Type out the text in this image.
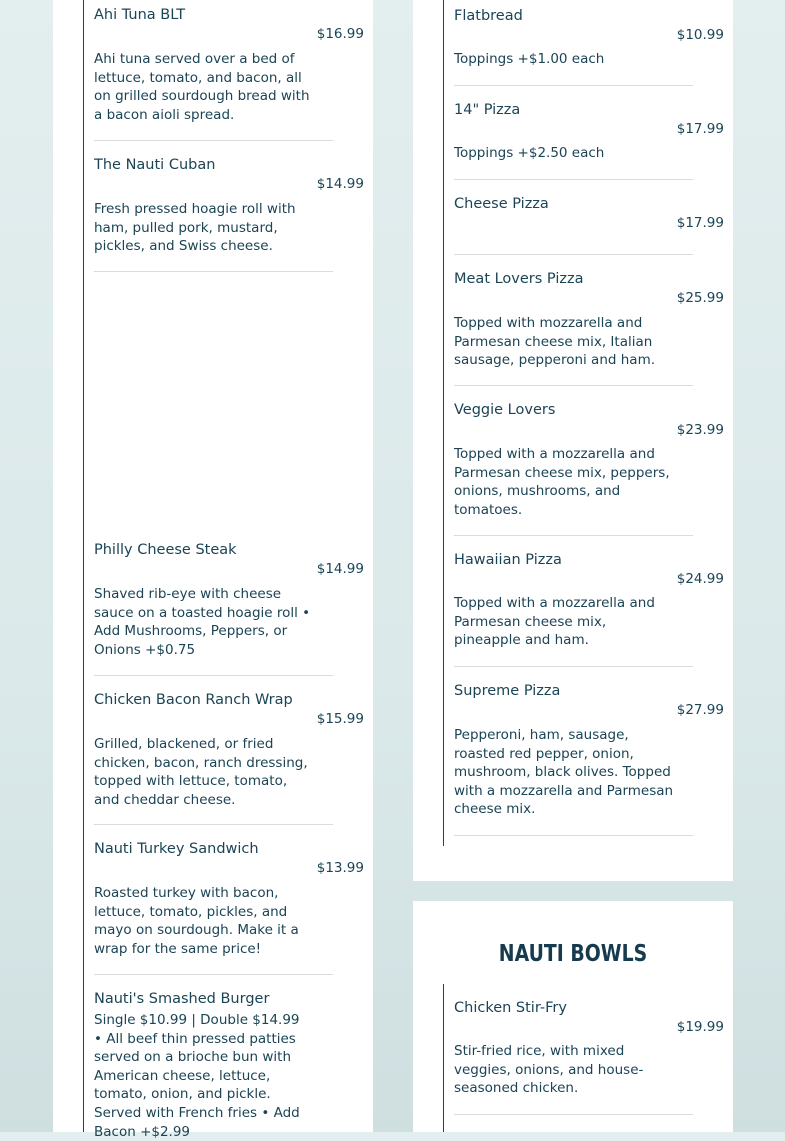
Ahi Tuna BLT
$16.99
Ahi tuna served over a bed of lettuce, tomato, and bacon, all on grilled sourdough bread with a bacon aioli spread.
The Nauti Cuban
$14.99
Fresh pressed hoagie roll with ham, pulled pork, mustard, pickles, and Swiss cheese.
Philly Cheese Steak
$14.99
Shaved rib-eye with cheese sauce on a toasted hoagie roll • Add Mushrooms, Peppers, or Onions +$0.75
Chicken Bacon Ranch Wrap
$15.99
Grilled, blackened, or fried chicken, bacon, ranch dressing, topped with lettuce, tomato, and cheddar cheese.
Nauti Turkey Sandwich
$13.99
Roasted turkey with bacon, lettuce, tomato, pickles, and mayo on sourdough. Make it a wrap for the same price!
Nauti's Smashed Burger
Single $10.99 | Double $14.99 • All beef thin pressed patties served on a brioche bun with American cheese, lettuce, tomato, onion, and pickle. Served with French fries • Add Bacon +$2.99
Flatbread
$10.99
Toppings +$1.00 each
14" Pizza
$17.99
Toppings +$2.50 each
Cheese Pizza
$17.99
Meat Lovers Pizza
$25.99
Topped with mozzarella and Parmesan cheese mix, Italian sausage, pepperoni and ham.
Veggie Lovers
$23.99
Topped with a mozzarella and Parmesan cheese mix, peppers, onions, mushrooms, and tomatoes.
Hawaiian Pizza
$24.99
Topped with a mozzarella and Parmesan cheese mix, pineapple and ham.
Supreme Pizza
$27.99
Pepperoni, ham, sausage, roasted red pepper, onion, mushroom, black olives. Topped with a mozzarella and Parmesan cheese mix.
NAUTI BOWLS
Chicken Stir-Fry
$19.99
Stir-fried rice, with mixed veggies, onions, and house-seasoned chicken.
